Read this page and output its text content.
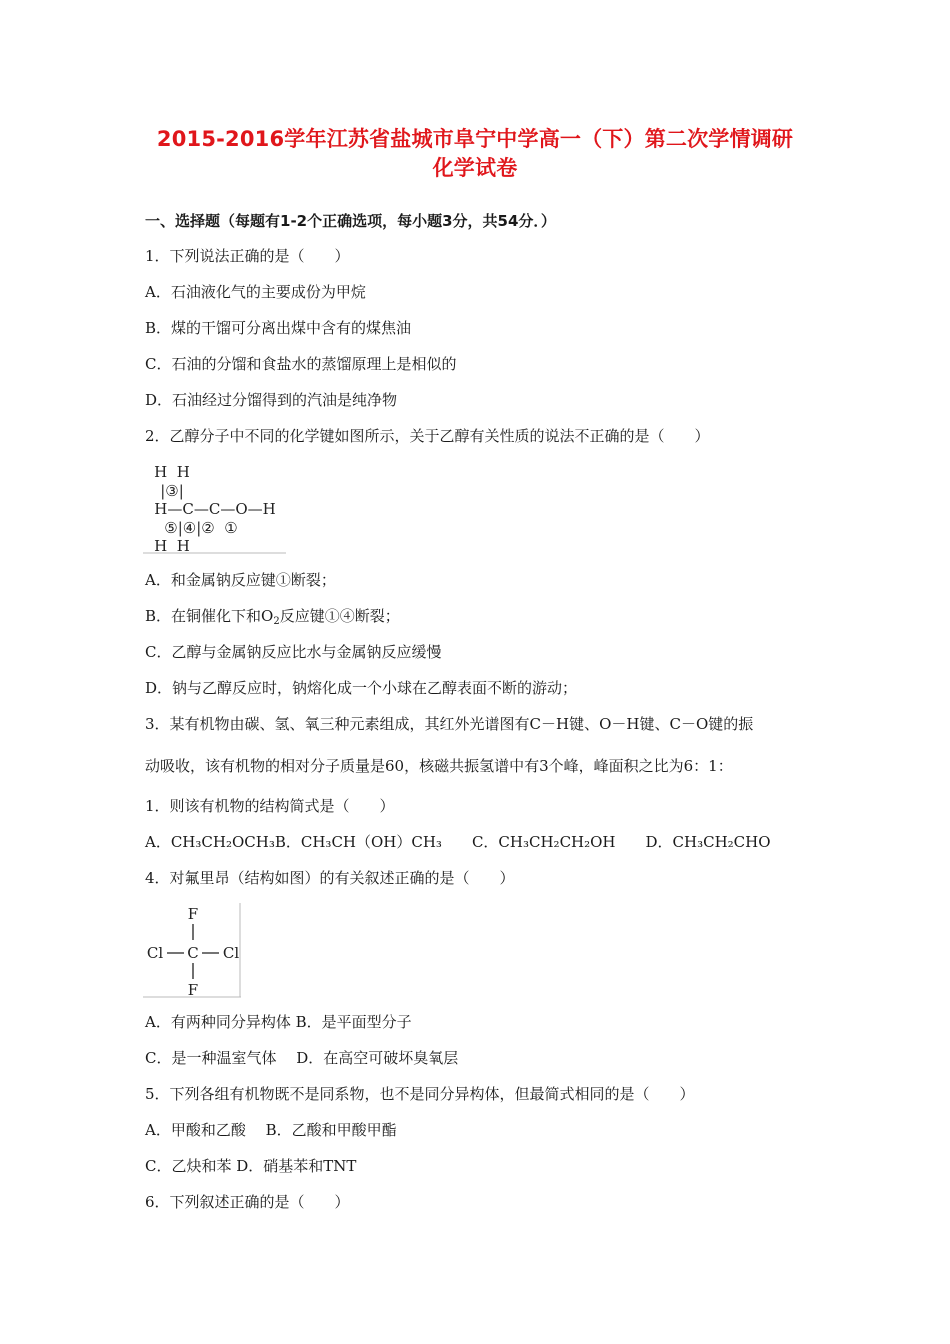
2015-2016学年江苏省盐城市阜宁中学高一（下）第二次学情调研
化学试卷
一、选择题（每题有1-2个正确选项，每小题3分，共54分．）
1．下列说法正确的是（　　）
A．石油液化气的主要成份为甲烷
B．煤的干馏可分离出煤中含有的煤焦油
C．石油的分馏和食盐水的蒸馏原理上是相似的
D．石油经过分馏得到的汽油是纯净物
2．乙醇分子中不同的化学键如图所示，关于乙醇有关性质的说法不正确的是（　　）
H  H
|③|
H—C—C—O—H
⑤|④|②  ①
H  H
A．和金属钠反应键①断裂；
B．在铜催化下和$O_2$反应键①④断裂；
C．乙醇与金属钠反应比水与金属钠反应缓慢
D．钠与乙醇反应时，钠熔化成一个小球在乙醇表面不断的游动；
3．某有机物由碳、氢、氧三种元素组成，其红外光谱图有C－H键、O－H键、C－O键的振
动吸收，该有机物的相对分子质量是60，核磁共振氢谱中有3个峰，峰面积之比为6：1：
1．则该有机物的结构简式是（　　）
A．CH₃CH₂OCH₃B．CH₃CH（OH）CH₃　　C．CH₃CH₂CH₂OH　　D．CH₃CH₂CHO
4．对氟里昂（结构如图）的有关叙述正确的是（　　）
F
Cl C Cl
F
A．有两种同分异构体 B．是平面型分子
C．是一种温室气体　 D．在高空可破坏臭氧层
5．下列各组有机物既不是同系物，也不是同分异构体，但最简式相同的是（　　）
A．甲酸和乙酸　 B．乙酸和甲酸甲酯
C．乙炔和苯 D．硝基苯和TNT
6．下列叙述正确的是（　　）
